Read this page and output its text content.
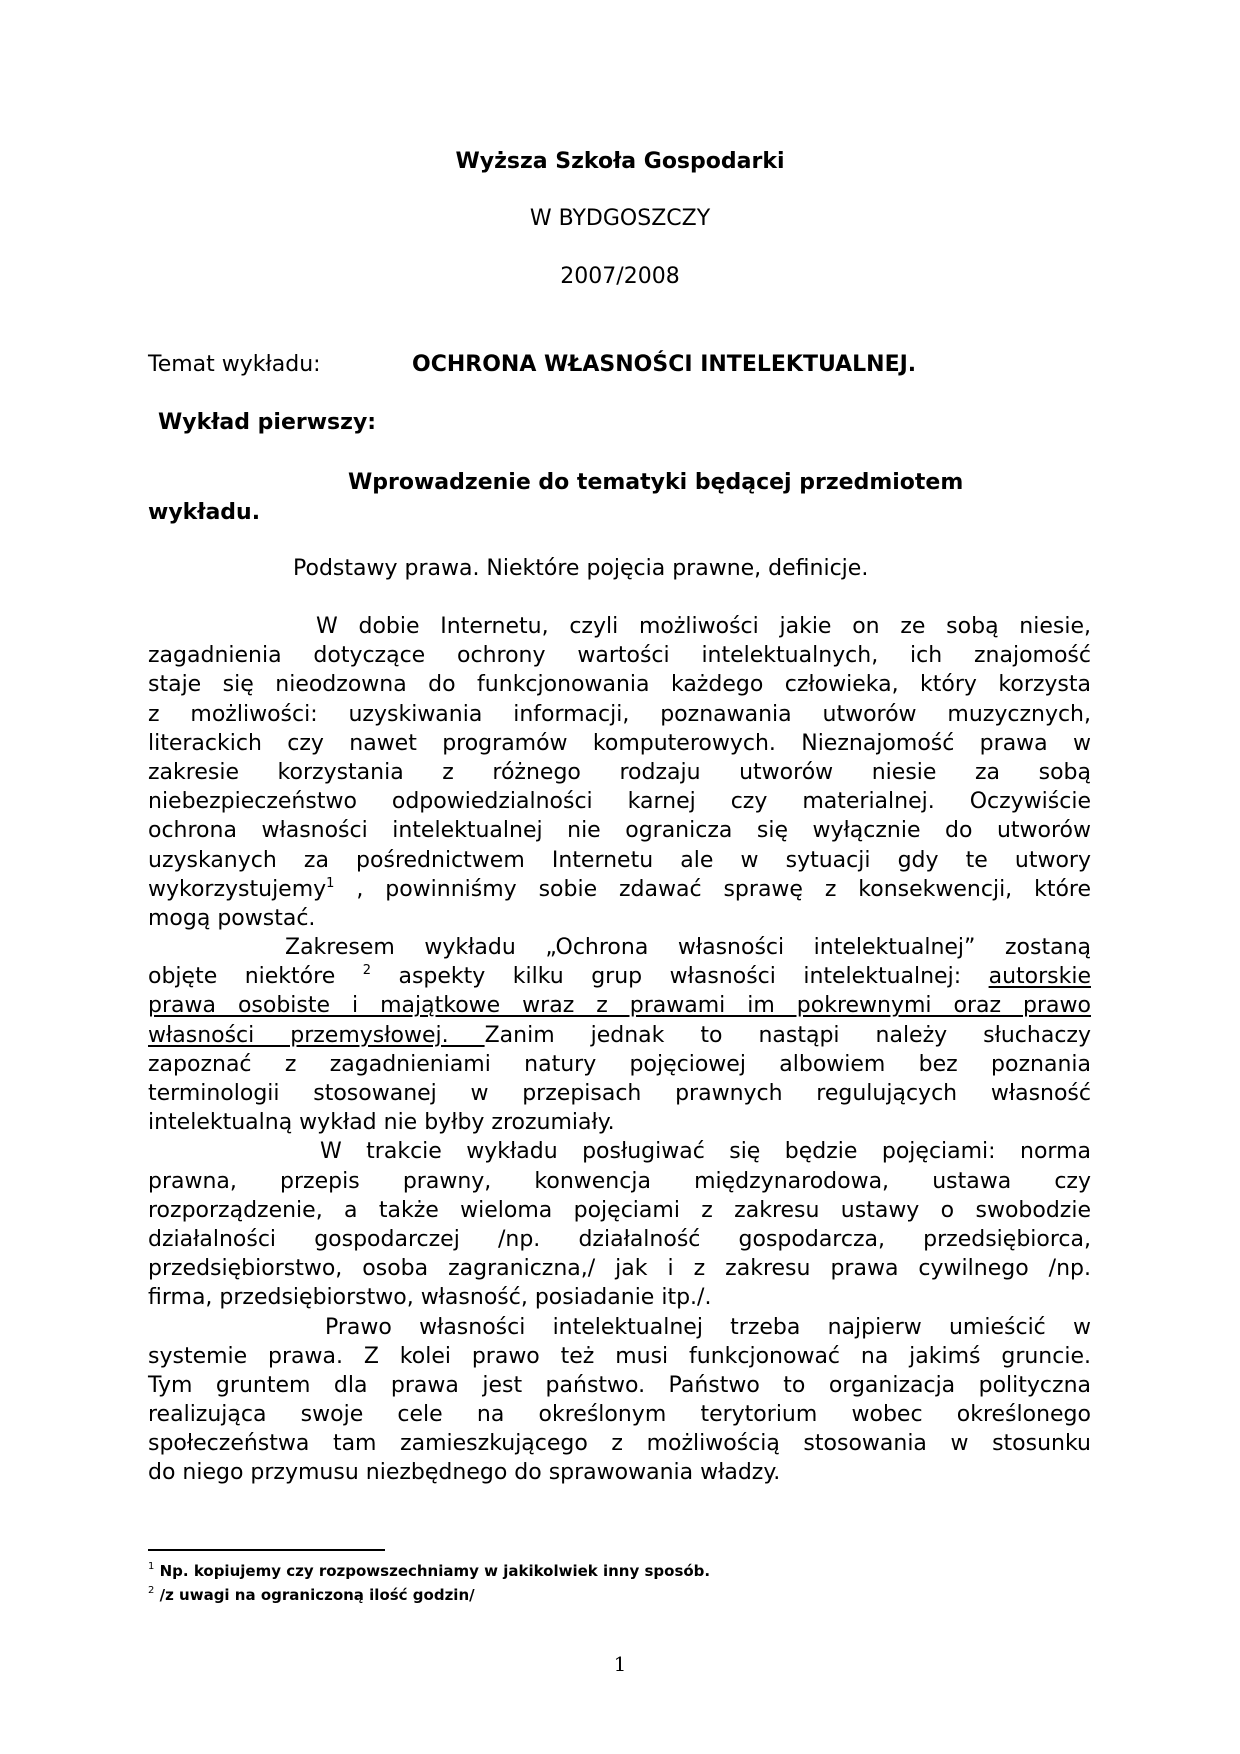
Wyższa Szkoła Gospodarki
W BYDGOSZCZY
2007/2008
Temat wykładu:	OCHRONA WŁASNOŚCI INTELEKTUALNEJ.
Wykład pierwszy:
Wprowadzenie do tematyki będącej przedmiotem
wykładu.
Podstawy prawa. Niektóre pojęcia prawne, definicje.
W dobie Internetu, czyli możliwości jakie on ze sobą niesie,
zagadnienia dotyczące ochrony wartości intelektualnych, ich znajomość
staje się nieodzowna do funkcjonowania każdego człowieka, który korzysta
z możliwości: uzyskiwania informacji, poznawania utworów muzycznych,
literackich czy nawet programów komputerowych. Nieznajomość prawa w
zakresie korzystania z różnego rodzaju utworów niesie za sobą
niebezpieczeństwo odpowiedzialności karnej czy materialnej. Oczywiście
ochrona własności intelektualnej nie ogranicza się wyłącznie do utworów
uzyskanych za pośrednictwem Internetu ale w sytuacji gdy te utwory
wykorzystujemy$^1$ , powinniśmy sobie zdawać sprawę z konsekwencji, które
mogą powstać.
Zakresem wykładu „Ochrona własności intelektualnej” zostaną
objęte niektóre $^2$ aspekty kilku grup własności intelektualnej: autorskie
prawa osobiste i majątkowe wraz z prawami im pokrewnymi oraz prawo
własności przemysłowej. Zanim jednak to nastąpi należy słuchaczy
zapoznać z zagadnieniami natury pojęciowej albowiem bez poznania
terminologii stosowanej w przepisach prawnych regulujących własność
intelektualną wykład nie byłby zrozumiały.
W trakcie wykładu posługiwać się będzie pojęciami: norma
prawna, przepis prawny, konwencja międzynarodowa, ustawa czy
rozporządzenie, a także wieloma pojęciami z zakresu ustawy o swobodzie
działalności gospodarczej /np. działalność gospodarcza, przedsiębiorca,
przedsiębiorstwo, osoba zagraniczna,/ jak i z zakresu prawa cywilnego /np.
firma, przedsiębiorstwo, własność, posiadanie itp./.
Prawo własności intelektualnej trzeba najpierw umieścić w
systemie prawa. Z kolei prawo też musi funkcjonować na jakimś gruncie.
Tym gruntem dla prawa jest państwo. Państwo to organizacja polityczna
realizująca swoje cele na określonym terytorium wobec określonego
społeczeństwa tam zamieszkującego z możliwością stosowania w stosunku
do niego przymusu niezbędnego do sprawowania władzy.
$^1$ Np. kopiujemy czy rozpowszechniamy w jakikolwiek inny sposób.
$^2$ /z uwagi na ograniczoną ilość godzin/
1
